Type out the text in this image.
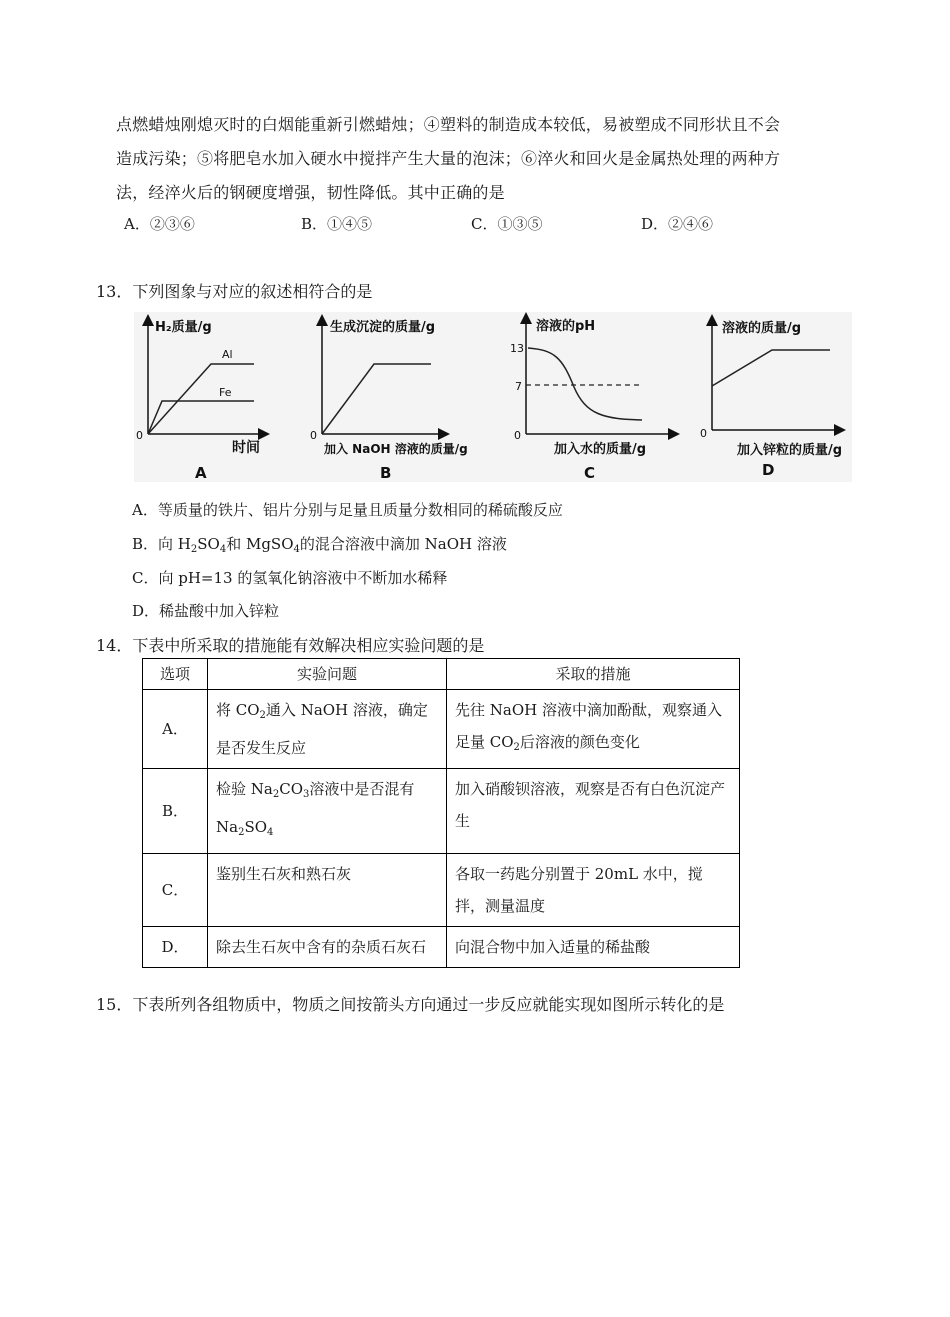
点燃蜡烛刚熄灭时的白烟能重新引燃蜡烛；④塑料的制造成本较低，易被塑成不同形状且不会
造成污染；⑤将肥皂水加入硬水中搅拌产生大量的泡沫；⑥淬火和回火是金属热处理的两种方
法，经淬火后的钢硬度增强，韧性降低。其中正确的是
A．②③⑥	B．①④⑤	C．①③⑤	D．②④⑥
13．下列图象与对应的叙述相符合的是
H₂质量/g
时间
0
Al
Fe
A
生成沉淀的质量/g
加入 NaOH 溶液的质量/g
0
B
溶液的pH
加入水的质量/g
0
13
7
C
溶液的质量/g
加入锌粒的质量/g
0
D
A．等质量的铁片、铝片分别与足量且质量分数相同的稀硫酸反应
B．向 $H_2SO_4$和 MgSO$_4$的混合溶液中滴加 NaOH 溶液
C．向 pH=13 的氢氧化钠溶液中不断加水稀释
D．稀盐酸中加入锌粒
14．下表中所采取的措施能有效解决相应实验问题的是
选项	实验问题	采取的措施
A．	将 $CO_2$通入 NaOH 溶液，确定是否发生反应	先往 NaOH 溶液中滴加酚酞，观察通入足量 $CO_2$后溶液的颜色变化
B．	检验 $Na_2CO_3$溶液中是否混有 $Na_2SO_4$	加入硝酸钡溶液，观察是否有白色沉淀产生
C．	鉴别生石灰和熟石灰	各取一药匙分别置于 20mL 水中，搅拌，测量温度
D．	除去生石灰中含有的杂质石灰石	向混合物中加入适量的稀盐酸
15．下表所列各组物质中，物质之间按箭头方向通过一步反应就能实现如图所示转化的是
